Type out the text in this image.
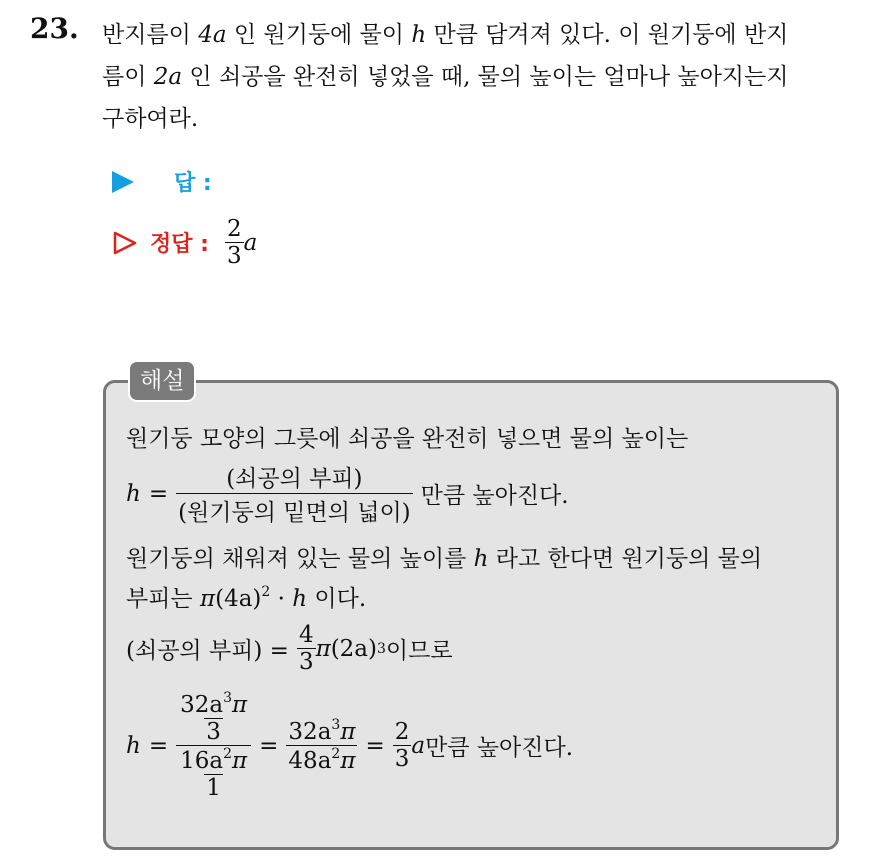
23. 반지름이 4a 인 원기둥에 물이 h 만큼 담겨져 있다. 이 원기둥에 반지
름이 2a 인 쇠공을 완전히 넣었을 때, 물의 높이는 얼마나 높아지는지
구하여라.
답 :
정답 : $\frac{2}{3}$ a
해설
원기둥 모양의 그릇에 쇠공을 완전히 넣으면 물의 높이는
$h = \frac{\text{(쇠공의 부피)}}{\text{(원기둥의 밑면의 넓이)}}$ 만큼 높아진다.
원기둥의 채워져 있는 물의 높이를 h 라고 한다면 원기둥의 물의
부피는 $\pi(4a)^2 \cdot h$ 이다.
(쇠공의 부피) = $\frac{4}{3}$ π (2a) 3 이므로
$h = \frac{\frac{32a^3\pi}{3}}{\frac{16a^2\pi}{1}} = \frac{32a^3\pi}{48a^2\pi} = \frac{2}{3}$ a 만큼 높아진다.
